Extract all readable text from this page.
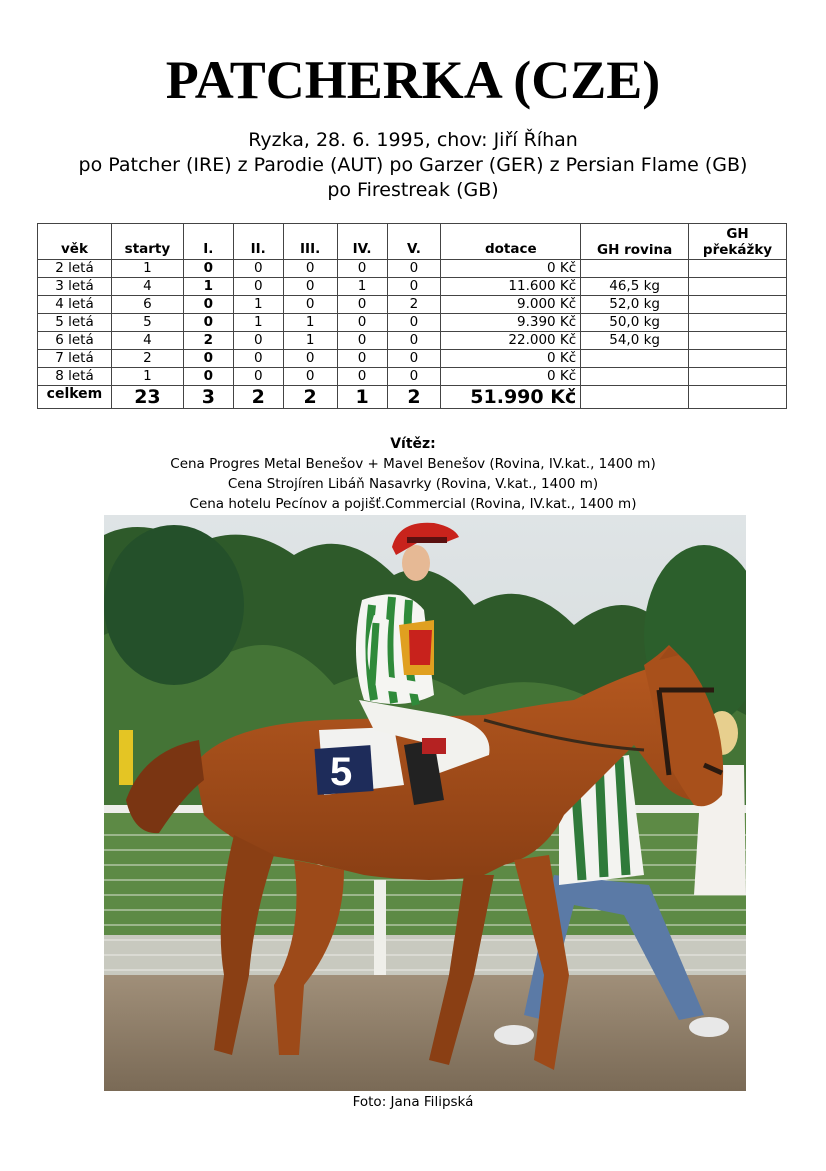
PATCHERKA (CZE)
Ryzka, 28. 6. 1995, chov: Jiří Říhan
po Patcher (IRE) z Parodie (AUT) po Garzer (GER) z Persian Flame (GB)
po Firestreak (GB)
věk	starty	I.	II.	III.	IV.	V.	dotace	GH rovina	GH překážky
2 letá	1	0	0	0	0	0	0 Kč		
3 letá	4	1	0	0	1	0	11.600 Kč	46,5 kg	
4 letá	6	0	1	0	0	2	9.000 Kč	52,0 kg	
5 letá	5	0	1	1	0	0	9.390 Kč	50,0 kg	
6 letá	4	2	0	1	0	0	22.000 Kč	54,0 kg	
7 letá	2	0	0	0	0	0	0 Kč		
8 letá	1	0	0	0	0	0	0 Kč		
celkem	23	3	2	2	1	2	51.990 Kč		
Vítěz:
Cena Progres Metal Benešov + Mavel Benešov (Rovina, IV.kat., 1400 m)
Cena Strojíren Libáň Nasavrky (Rovina, V.kat., 1400 m)
Cena hotelu Pecínov a pojišť.Commercial (Rovina, IV.kat., 1400 m)
5
Foto: Jana Filipská
